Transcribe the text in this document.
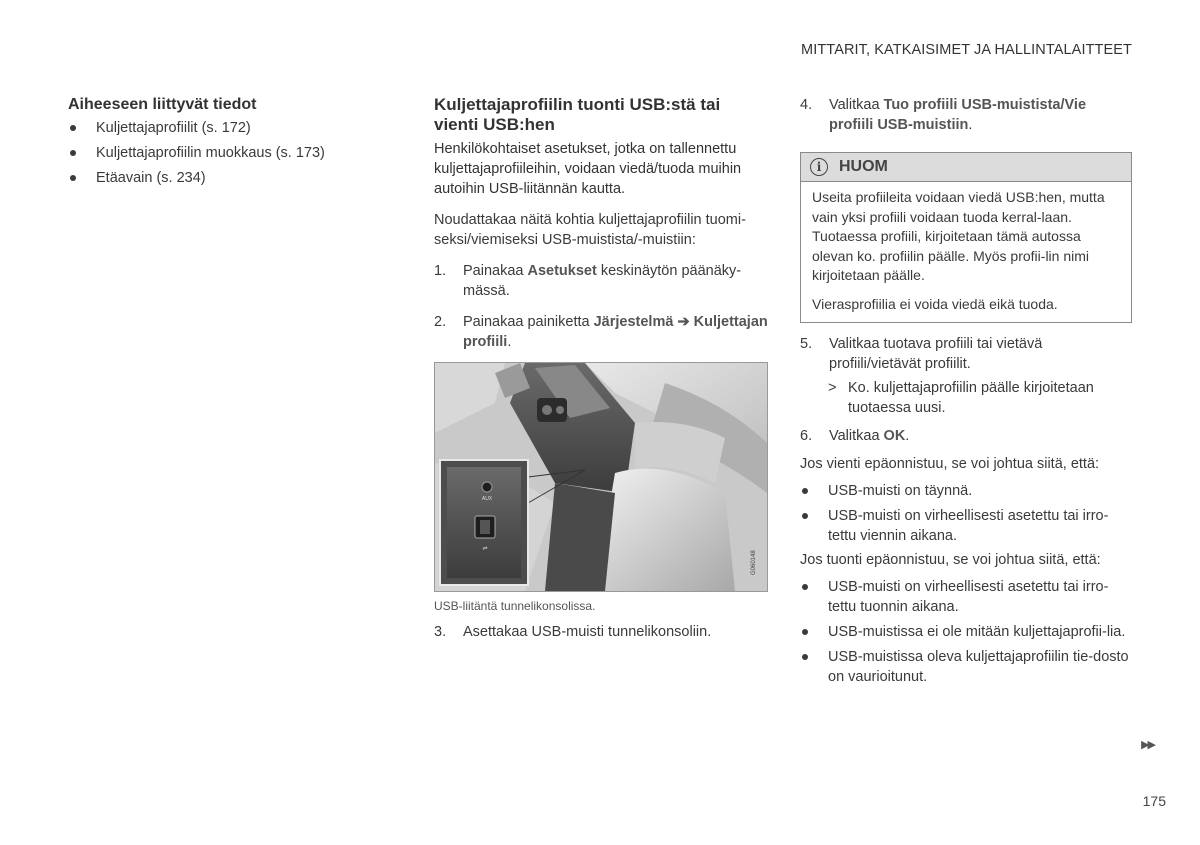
MITTARIT, KATKAISIMET JA HALLINTALAITTEET
Aiheeseen liittyvät tiedot
Kuljettajaprofiilit (s. 172)
Kuljettajaprofiilin muokkaus (s. 173)
Etäavain (s. 234)
Kuljettajaprofiilin tuonti USB:stä tai vienti USB:hen

Henkilökohtaiset asetukset, jotka on tallennettu kuljettajaprofiileihin, voidaan viedä/tuoda muihin autoihin USB-liitännän kautta.

Noudattakaa näitä kohtia kuljettajaprofiilin tuomi-seksi/viemiseksi USB-muistista/-muistiin:

1. Painakaa Asetukset keskinäytön päänäky-mässä.
2. Painakaa painiketta Järjestelmä ➔ Kuljettajan profiili.
AUX
⇌
G060148
USB-liitäntä tunnelikonsolissa.
3. Asettakaa USB-muisti tunnelikonsoliin.
4. Valitkaa Tuo profiili USB-muistista/Vie profiili USB-muistiin.
i	HUOM

Useita profiileita voidaan viedä USB:hen, mutta vain yksi profiili voidaan tuoda kerral-laan. Tuotaessa profiili, kirjoitetaan tämä autossa olevan ko. profiilin päälle. Myös profii-lin nimi kirjoitetaan päälle.

Vierasprofiilia ei voida viedä eikä tuoda.

5. Valitkaa tuotava profiili tai vietävä profiili/vietävät profiilit.
> Ko. kuljettajaprofiilin päälle kirjoitetaan tuotaessa uusi.
6. Valitkaa OK.

Jos vienti epäonnistuu, se voi johtua siitä, että:

USB-muisti on täynnä.
USB-muisti on virheellisesti asetettu tai irro-tettu viennin aikana.

Jos tuonti epäonnistuu, se voi johtua siitä, että:

USB-muisti on virheellisesti asetettu tai irro-tettu tuonnin aikana.
USB-muistissa ei ole mitään kuljettajaprofii-lia.
USB-muistissa oleva kuljettajaprofiilin tie-dosto on vaurioitunut.
▶▶
175
